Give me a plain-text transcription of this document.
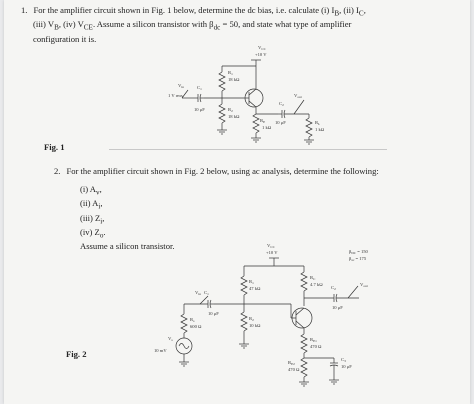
1. For the amplifier circuit shown in Fig. 1 below, determine the dc bias, i.e. calculate (i) $I_B$, (ii) $I_C$,

(iii) $V_B$, (iv) $V_{CE}$. Assume a silicon transistor with $\beta_{dc} = 50$, and state what type of amplifier

configuration it is.

$V_{CC}$
+10 V
$R_1$
18 kΩ
$R_2$
18 kΩ
$R_E$
1 kΩ
$R_L$
1 kΩ
$C_1$
10 μF
$C_2$
10 μF
$V_{in}$
1 V rms	$V_{out}$
Fig. 1

2. For the amplifier circuit shown in Fig. 2 below, using ac analysis, determine the following:

(i) $A_v$,

(ii) $A_i$,

(iii) $Z_i$,

(iv) $Z_o$.

Assume a silicon transistor.	$V_{CC}$
+10 V	$\beta_{DC} = 150$
$\beta_{ac} = 175$
$R_1$
47 kΩ
$R_2$
10 kΩ
$R_C$
4.7 kΩ
$R_{E1}$
470 Ω
$R_{E2}$
470 Ω
$R_s$
600 Ω
$C_1$
10 μF
$C_2$
10 μF
$C_3$
10 μF
$V_{in}$
$V_{out}$
$V_s$
10 mV
Fig. 2
